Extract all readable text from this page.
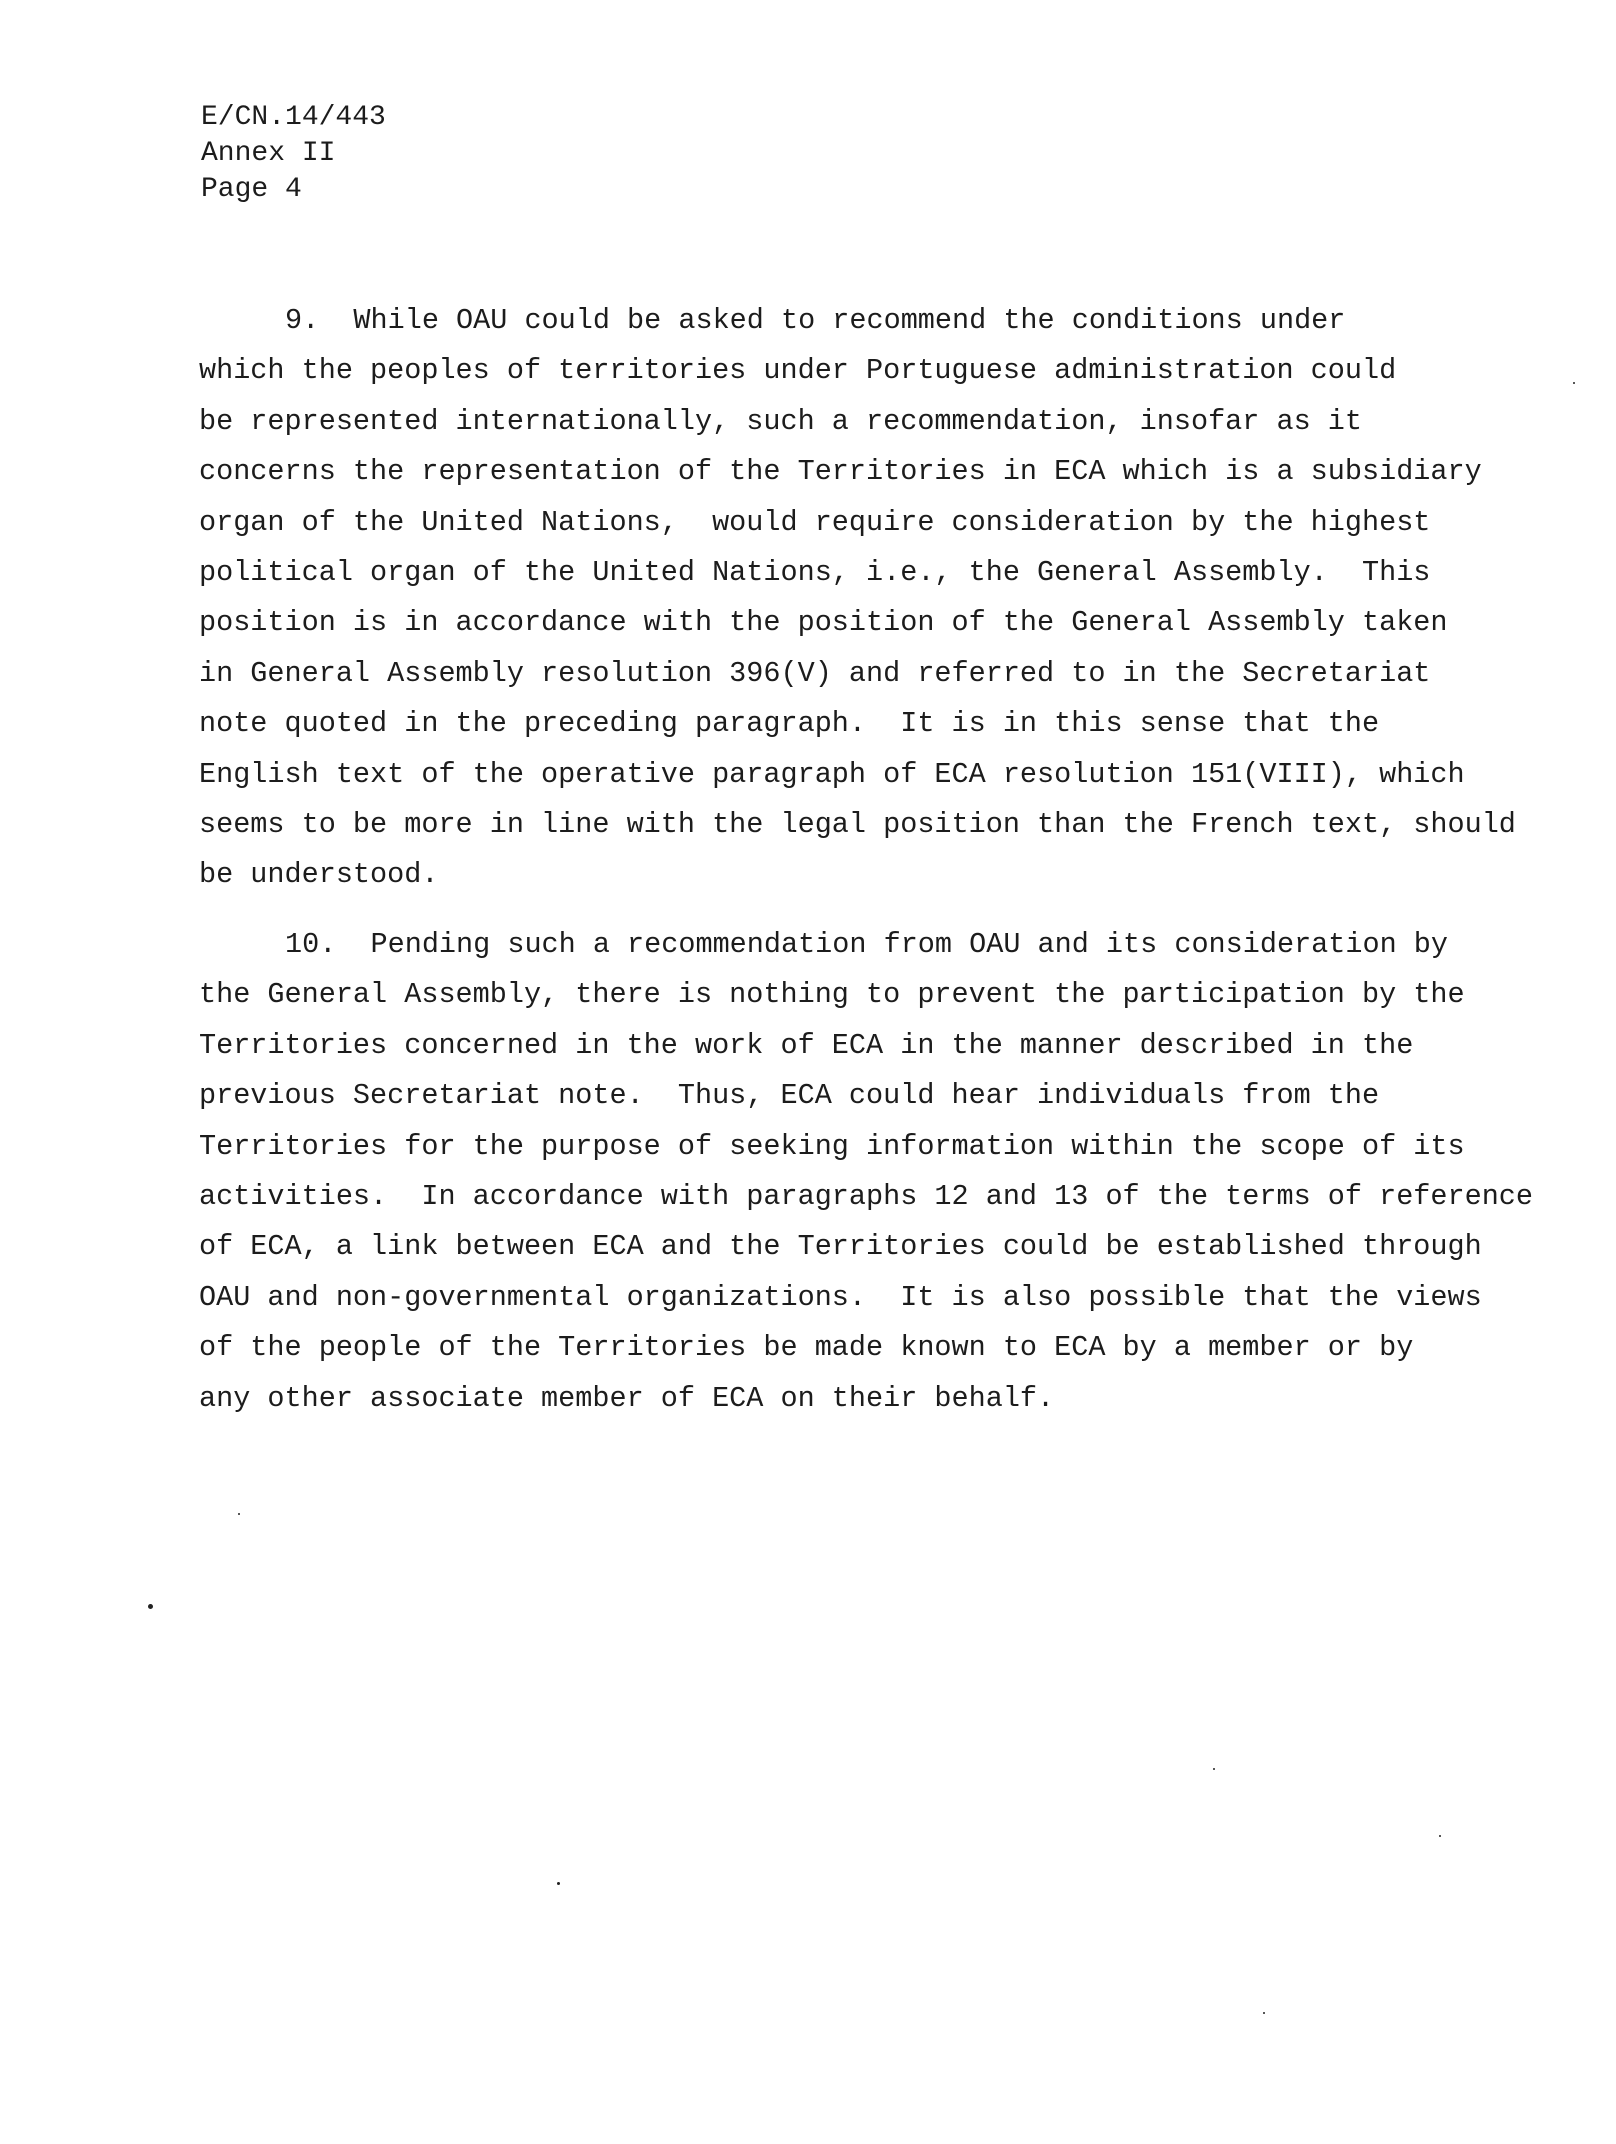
E/CN.14/443
Annex II
Page 4
9.  While OAU could be asked to recommend the conditions under
which the peoples of territories under Portuguese administration could
be represented internationally, such a recommendation, insofar as it
concerns the representation of the Territories in ECA which is a subsidiary
organ of the United Nations,  would require consideration by the highest
political organ of the United Nations, i.e., the General Assembly.  This
position is in accordance with the position of the General Assembly taken
in General Assembly resolution 396(V) and referred to in the Secretariat
note quoted in the preceding paragraph.  It is in this sense that the
English text of the operative paragraph of ECA resolution 151(VIII), which
seems to be more in line with the legal position than the French text, should
be understood.
10.  Pending such a recommendation from OAU and its consideration by
the General Assembly, there is nothing to prevent the participation by the
Territories concerned in the work of ECA in the manner described in the
previous Secretariat note.  Thus, ECA could hear individuals from the
Territories for the purpose of seeking information within the scope of its
activities.  In accordance with paragraphs 12 and 13 of the terms of reference
of ECA, a link between ECA and the Territories could be established through
OAU and non-governmental organizations.  It is also possible that the views
of the people of the Territories be made known to ECA by a member or by
any other associate member of ECA on their behalf.
